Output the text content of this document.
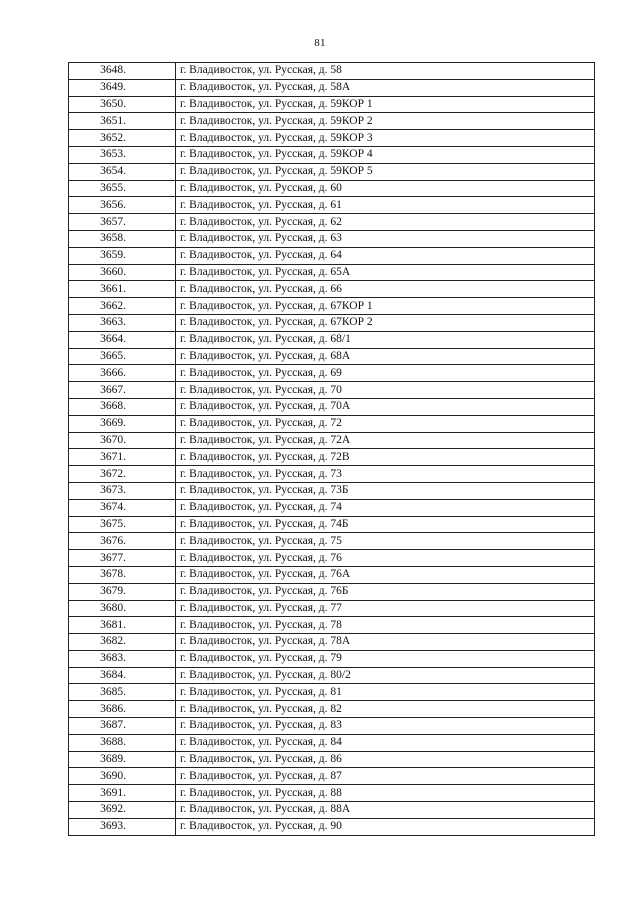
81
3648.	г. Владивосток, ул. Русская, д. 58
3649.	г. Владивосток, ул. Русская, д. 58А
3650.	г. Владивосток, ул. Русская, д. 59КОР 1
3651.	г. Владивосток, ул. Русская, д. 59КОР 2
3652.	г. Владивосток, ул. Русская, д. 59КОР 3
3653.	г. Владивосток, ул. Русская, д. 59КОР 4
3654.	г. Владивосток, ул. Русская, д. 59КОР 5
3655.	г. Владивосток, ул. Русская, д. 60
3656.	г. Владивосток, ул. Русская, д. 61
3657.	г. Владивосток, ул. Русская, д. 62
3658.	г. Владивосток, ул. Русская, д. 63
3659.	г. Владивосток, ул. Русская, д. 64
3660.	г. Владивосток, ул. Русская, д. 65А
3661.	г. Владивосток, ул. Русская, д. 66
3662.	г. Владивосток, ул. Русская, д. 67КОР 1
3663.	г. Владивосток, ул. Русская, д. 67КОР 2
3664.	г. Владивосток, ул. Русская, д. 68/1
3665.	г. Владивосток, ул. Русская, д. 68А
3666.	г. Владивосток, ул. Русская, д. 69
3667.	г. Владивосток, ул. Русская, д. 70
3668.	г. Владивосток, ул. Русская, д. 70А
3669.	г. Владивосток, ул. Русская, д. 72
3670.	г. Владивосток, ул. Русская, д. 72А
3671.	г. Владивосток, ул. Русская, д. 72В
3672.	г. Владивосток, ул. Русская, д. 73
3673.	г. Владивосток, ул. Русская, д. 73Б
3674.	г. Владивосток, ул. Русская, д. 74
3675.	г. Владивосток, ул. Русская, д. 74Б
3676.	г. Владивосток, ул. Русская, д. 75
3677.	г. Владивосток, ул. Русская, д. 76
3678.	г. Владивосток, ул. Русская, д. 76А
3679.	г. Владивосток, ул. Русская, д. 76Б
3680.	г. Владивосток, ул. Русская, д. 77
3681.	г. Владивосток, ул. Русская, д. 78
3682.	г. Владивосток, ул. Русская, д. 78А
3683.	г. Владивосток, ул. Русская, д. 79
3684.	г. Владивосток, ул. Русская, д. 80/2
3685.	г. Владивосток, ул. Русская, д. 81
3686.	г. Владивосток, ул. Русская, д. 82
3687.	г. Владивосток, ул. Русская, д. 83
3688.	г. Владивосток, ул. Русская, д. 84
3689.	г. Владивосток, ул. Русская, д. 86
3690.	г. Владивосток, ул. Русская, д. 87
3691.	г. Владивосток, ул. Русская, д. 88
3692.	г. Владивосток, ул. Русская, д. 88А
3693.	г. Владивосток, ул. Русская, д. 90
